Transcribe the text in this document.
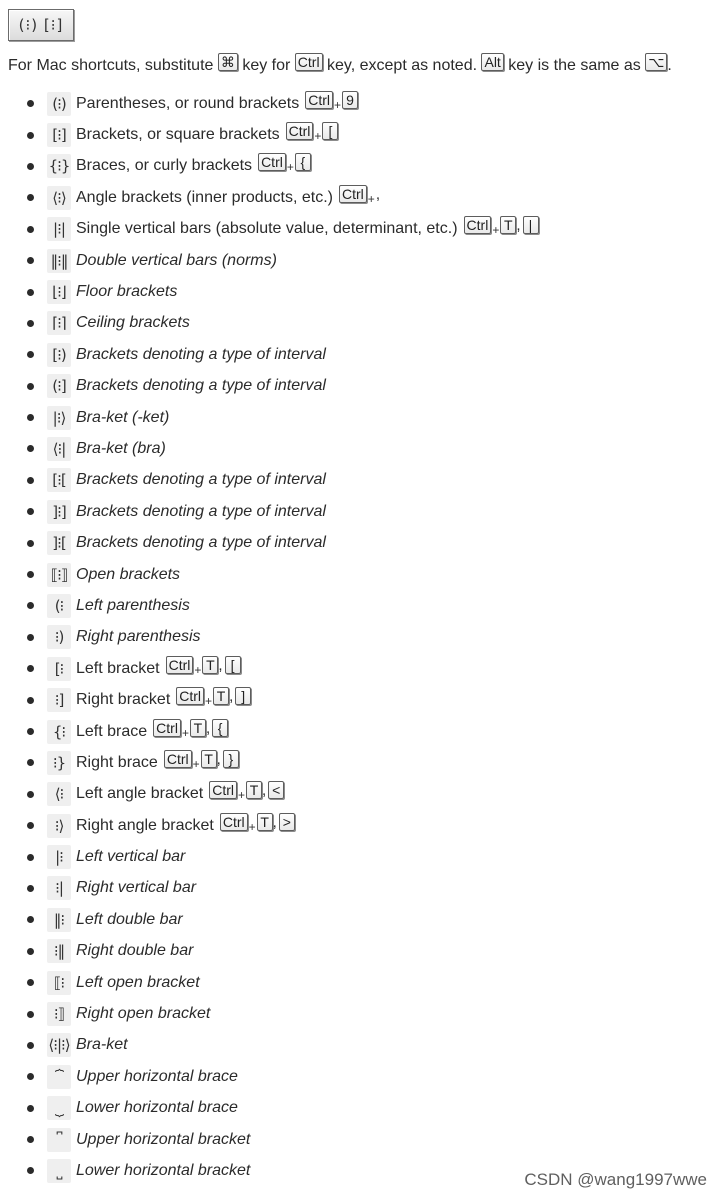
(⁝) [⁝]
For Mac shortcuts, substitute ⌘ key for Ctrl key, except as noted. Alt key is the same as ⌥ .
(⁝) Parentheses, or round brackets Ctrl + 9
[⁝] Brackets, or square brackets Ctrl + [
{⁝} Braces, or curly brackets Ctrl + {
⟨⁝⟩ Angle brackets (inner products, etc.) Ctrl + ,
|⁝| Single vertical bars (absolute value, determinant, etc.) Ctrl + T , |
‖⁝‖ Double vertical bars (norms)
⌊⁝⌋ Floor brackets
⌈⁝⌉ Ceiling brackets
[⁝) Brackets denoting a type of interval
(⁝] Brackets denoting a type of interval
|⁝⟩ Bra-ket (-ket)
⟨⁝| Bra-ket (bra)
[⁝[ Brackets denoting a type of interval
]⁝] Brackets denoting a type of interval
]⁝[ Brackets denoting a type of interval
⟦⁝⟧ Open brackets
(⁝ Left parenthesis
⁝) Right parenthesis
[⁝ Left bracket Ctrl + T , [
⁝] Right bracket Ctrl + T , ]
{⁝ Left brace Ctrl + T , {
⁝} Right brace Ctrl + T , }
⟨⁝ Left angle bracket Ctrl + T , <
⁝⟩ Right angle bracket Ctrl + T , >
|⁝ Left vertical bar
⁝| Right vertical bar
‖⁝ Left double bar
⁝‖ Right double bar
⟦⁝ Left open bracket
⁝⟧ Right open bracket
⟨⁝|⁝⟩ Bra-ket
⏞ Upper horizontal brace
⏟ Lower horizontal brace
⎴ Upper horizontal bracket
⎵ Lower horizontal bracket	CSDN @wang1997wwe
